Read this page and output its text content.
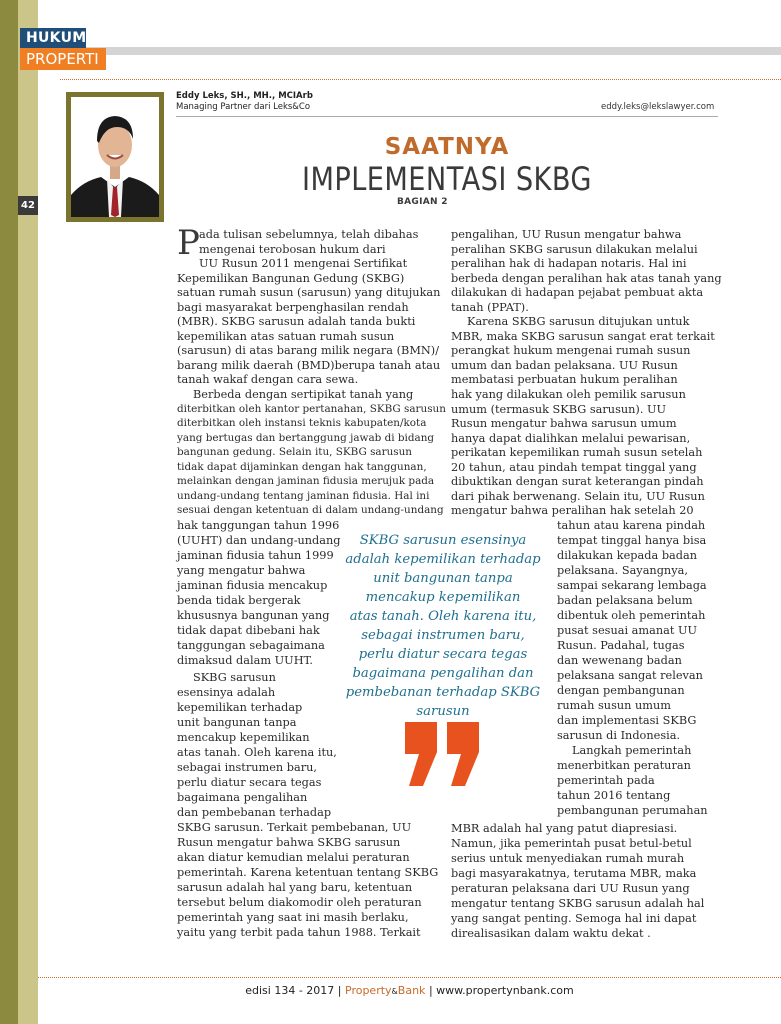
42
HUKUM
PROPERTI
Eddy Leks, SH., MH., MCIArb
Managing Partner dari Leks&Co	eddy.leks@lekslawyer.com
SAATNYA
IMPLEMENTASI SKBG
BAGIAN 2
P ada tulisan sebelumnya, telah dibahas
mengenai terobosan hukum dari
UU Rusun 2011 mengenai Sertifikat
Kepemilikan Bangunan Gedung (SKBG)
satuan rumah susun (sarusun) yang ditujukan
bagi masyarakat berpenghasilan rendah
(MBR). SKBG sarusun adalah tanda bukti
kepemilikan atas satuan rumah susun
(sarusun) di atas barang milik negara (BMN)/
barang milik daerah (BMD)berupa tanah atau
tanah wakaf dengan cara sewa.
Berbeda dengan sertipikat tanah yang
diterbitkan oleh kantor pertanahan, SKBG sarusun
diterbitkan oleh instansi teknis kabupaten/kota
yang bertugas dan bertanggung jawab di bidang
bangunan gedung. Selain itu, SKBG sarusun
tidak dapat dijaminkan dengan hak tanggunan,
melainkan dengan jaminan fidusia merujuk pada
undang-undang tentang jaminan fidusia. Hal ini
sesuai dengan ketentuan di dalam undang-undang
hak tanggungan tahun 1996
(UUHT) dan undang-undang
jaminan fidusia tahun 1999
yang mengatur bahwa
jaminan fidusia mencakup
benda tidak bergerak
khususnya bangunan yang
tidak dapat dibebani hak
tanggungan sebagaimana
dimaksud dalam UUHT.
SKBG sarusun
esensinya adalah
kepemilikan terhadap
unit bangunan tanpa
mencakup kepemilikan
atas tanah. Oleh karena itu,
sebagai instrumen baru,
perlu diatur secara tegas
bagaimana pengalihan
dan pembebanan terhadap
SKBG sarusun. Terkait pembebanan, UU
Rusun mengatur bahwa SKBG sarusun
akan diatur kemudian melalui peraturan
pemerintah. Karena ketentuan tentang SKBG
sarusun adalah hal yang baru, ketentuan
tersebut belum diakomodir oleh peraturan
pemerintah yang saat ini masih berlaku,
yaitu yang terbit pada tahun 1988. Terkait
pengalihan, UU Rusun mengatur bahwa
peralihan SKBG sarusun dilakukan melalui
peralihan hak di hadapan notaris. Hal ini
berbeda dengan peralihan hak atas tanah yang
dilakukan di hadapan pejabat pembuat akta
tanah (PPAT).
Karena SKBG sarusun ditujukan untuk
MBR, maka SKBG sarusun sangat erat terkait
perangkat hukum mengenai rumah susun
umum dan badan pelaksana. UU Rusun
membatasi perbuatan hukum peralihan
hak yang dilakukan oleh pemilik sarusun
umum (termasuk SKBG sarusun). UU
Rusun mengatur bahwa sarusun umum
hanya dapat dialihkan melalui pewarisan,
perikatan kepemilikan rumah susun setelah
20 tahun, atau pindah tempat tinggal yang
dibuktikan dengan surat keterangan pindah
dari pihak berwenang. Selain itu, UU Rusun
mengatur bahwa peralihan hak setelah 20
tahun atau karena pindah
tempat tinggal hanya bisa
dilakukan kepada badan
pelaksana. Sayangnya,
sampai sekarang lembaga
badan pelaksana belum
dibentuk oleh pemerintah
pusat sesuai amanat UU
Rusun. Padahal, tugas
dan wewenang badan
pelaksana sangat relevan
dengan pembangunan
rumah susun umum
dan implementasi SKBG
sarusun di Indonesia.
Langkah pemerintah
menerbitkan peraturan
pemerintah pada
tahun 2016 tentang
pembangunan perumahan
MBR adalah hal yang patut diapresiasi.
Namun, jika pemerintah pusat betul-betul
serius untuk menyediakan rumah murah
bagi masyarakatnya, terutama MBR, maka
peraturan pelaksana dari UU Rusun yang
mengatur tentang SKBG sarusun adalah hal
yang sangat penting. Semoga hal ini dapat
direalisasikan dalam waktu dekat .
SKBG sarusun esensinya
adalah kepemilikan terhadap
unit bangunan tanpa
mencakup kepemilikan
atas tanah. Oleh karena itu,
sebagai instrumen baru,
perlu diatur secara tegas
bagaimana pengalihan dan
pembebanan terhadap SKBG
sarusun
edisi 134 - 2017 | Property&Bank | www.propertynbank.com
